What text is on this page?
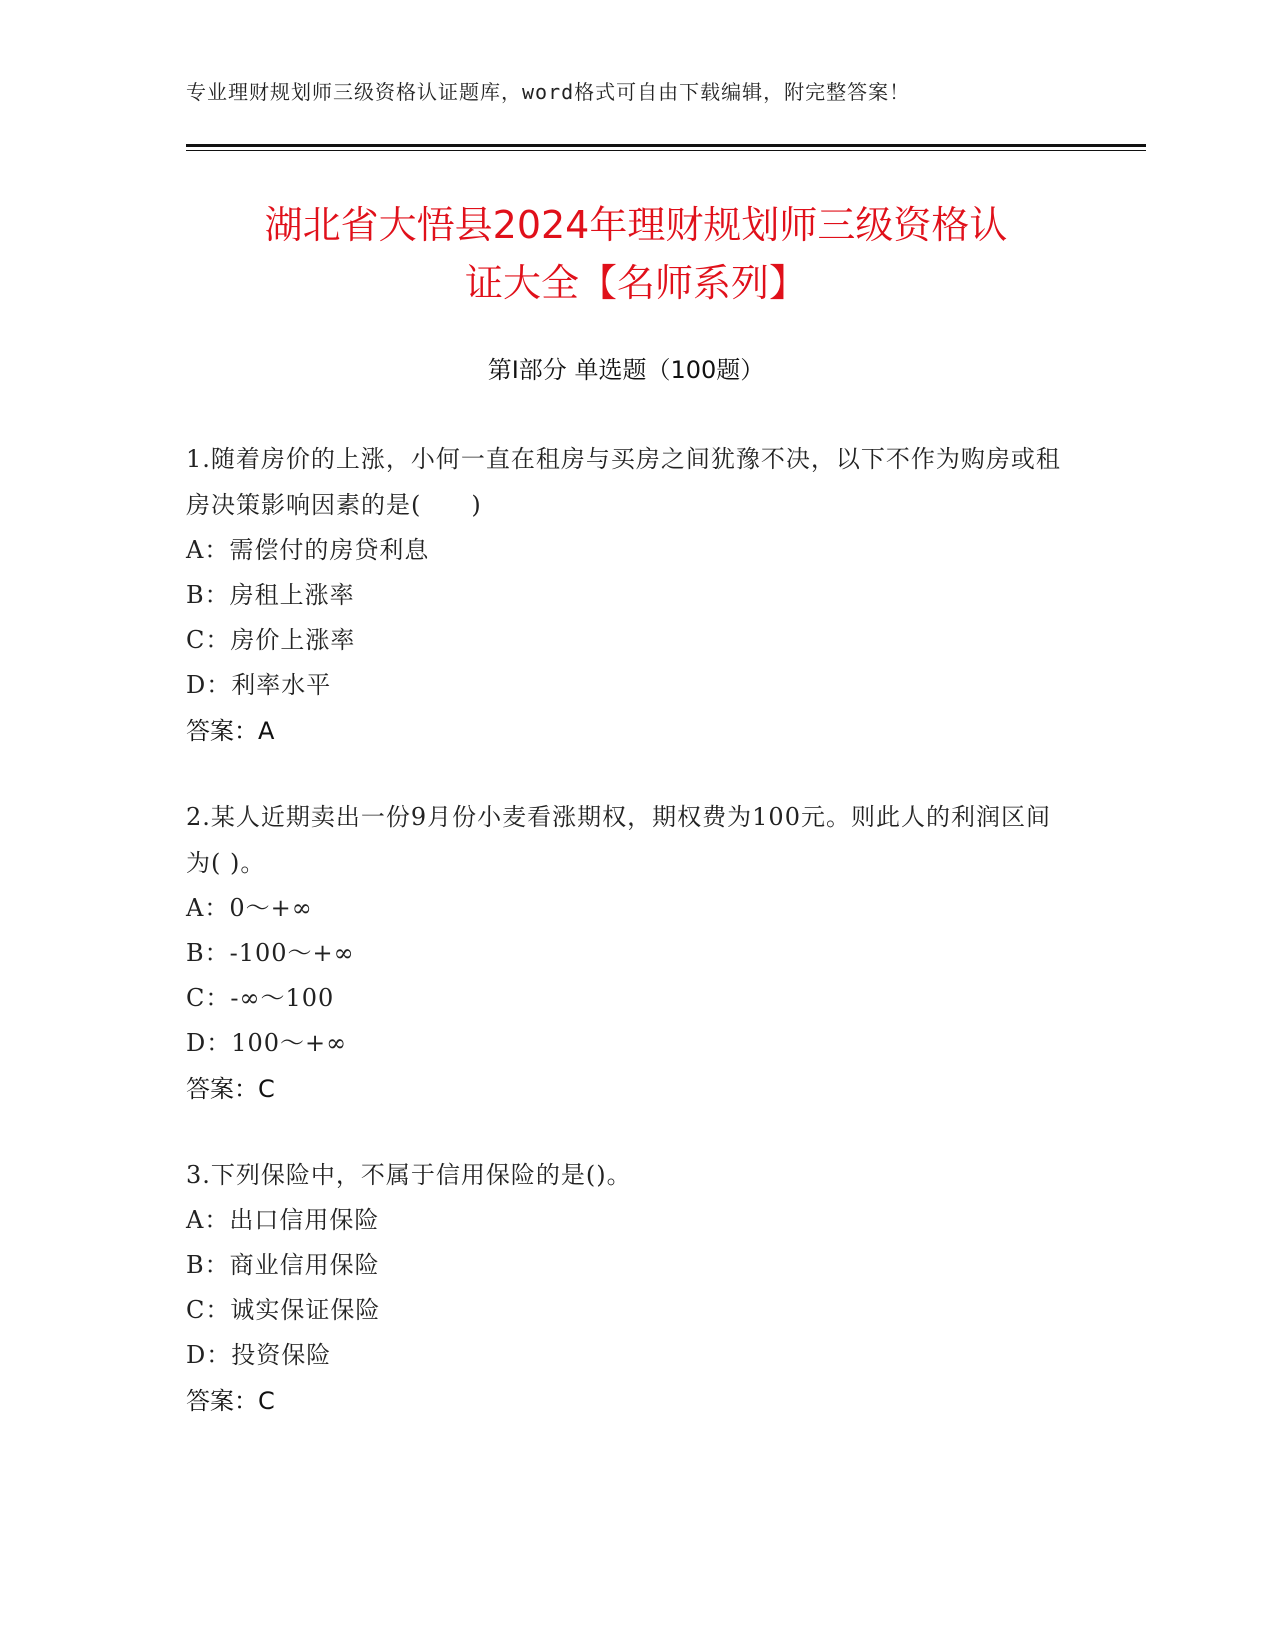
专业理财规划师三级资格认证题库，word格式可自由下载编辑，附完整答案！
湖北省大悟县2024年理财规划师三级资格认
证大全【名师系列】
第Ⅰ部分 单选题（100题）
1.随着房价的上涨，小何一直在租房与买房之间犹豫不决，以下不作为购房或租房决策影响因素的是(　　)
A：需偿付的房贷利息
B：房租上涨率
C：房价上涨率
D：利率水平
答案：A
2.某人近期卖出一份9月份小麦看涨期权，期权费为100元。则此人的利润区间为( )。
A：0～+∞
B：-100～+∞
C：-∞～100
D：100～+∞
答案：C
3.下列保险中，不属于信用保险的是()。
A：出口信用保险
B：商业信用保险
C：诚实保证保险
D：投资保险
答案：C
